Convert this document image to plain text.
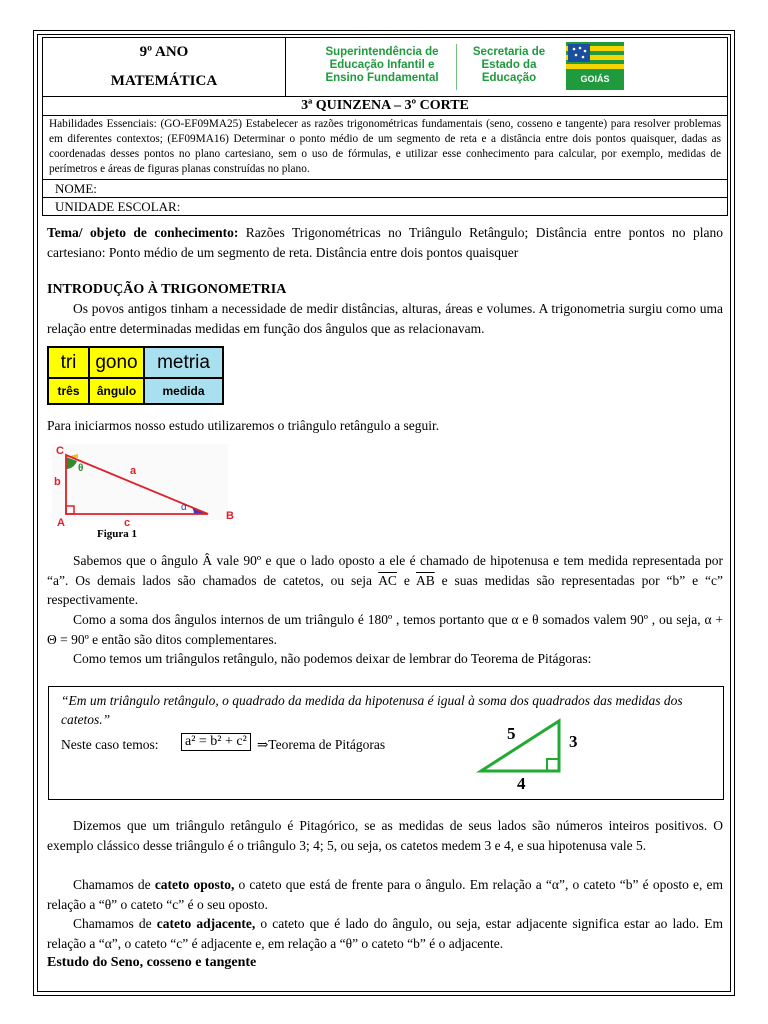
9º ANO
MATEMÁTICA

Superintendência de
Educação Infantil e
Ensino Fundamental
Secretaria de
Estado da
Educação	GOIÁS

3ª QUINZENA – 3º CORTE
Habilidades Essenciais: (GO-EF09MA25) Estabelecer as razões trigonométricas fundamentais (seno, cosseno e tangente) para resolver problemas em diferentes contextos; (EF09MA16) Determinar o ponto médio de um segmento de reta e a distância entre dois pontos quaisquer, dadas as coordenadas desses pontos no plano cartesiano, sem o uso de fórmulas, e utilizar esse conhecimento para calcular, por exemplo, medidas de perímetros e áreas de figuras planas construídas no plano.
NOME:
UNIDADE ESCOLAR:
Tema/ objeto de conhecimento: Razões Trigonométricas no Triângulo Retângulo; Distância entre pontos no plano cartesiano: Ponto médio de um segmento de reta. Distância entre dois pontos quaisquer
INTRODUÇÃO À TRIGONOMETRIA
Os povos antigos tinham a necessidade de medir distâncias, alturas, áreas e volumes. A trigonometria surgiu como uma relação entre determinadas medidas em função dos ângulos que as relacionavam.
tri	gono	metria
três	ângulo	medida
Para iniciarmos nosso estudo utilizaremos o triângulo retângulo a seguir.
C
A
B
b
a
c
θ
α
Figura 1
Sabemos que o ângulo Â vale 90º e que o lado oposto a ele é chamado de hipotenusa e tem medida representada por “a”. Os demais lados são chamados de catetos, ou seja $\overline{AC}$ e $\overline{AB}$ e suas medidas são representadas por “b” e “c” respectivamente.
Como a soma dos ângulos internos de um triângulo é 180º , temos portanto que α e θ somados valem 90º , ou seja, α + Θ = 90º e então são ditos complementares.
Como temos um triângulos retângulo, não podemos deixar de lembrar do Teorema de Pitágoras:
“Em um triângulo retângulo, o quadrado da medida da hipotenusa é igual à soma dos quadrados das medidas dos catetos.”
Neste caso temos: a² = b² + c² ⇒Teorema de Pitágoras
5	3
4
Dizemos que um triângulo retângulo é Pitagórico, se as medidas de seus lados são números inteiros positivos. O exemplo clássico desse triângulo é o triângulo 3; 4; 5, ou seja, os catetos medem 3 e 4, e sua hipotenusa vale 5.
Chamamos de cateto oposto, o cateto que está de frente para o ângulo. Em relação a “α”, o cateto “b” é oposto e, em relação a “θ” o cateto “c” é o seu oposto.
Chamamos de cateto adjacente, o cateto que é lado do ângulo, ou seja, estar adjacente significa estar ao lado. Em relação a “α”, o cateto “c” é adjacente e, em relação a “θ” o cateto “b” é o adjacente.
Estudo do Seno, cosseno e tangente
